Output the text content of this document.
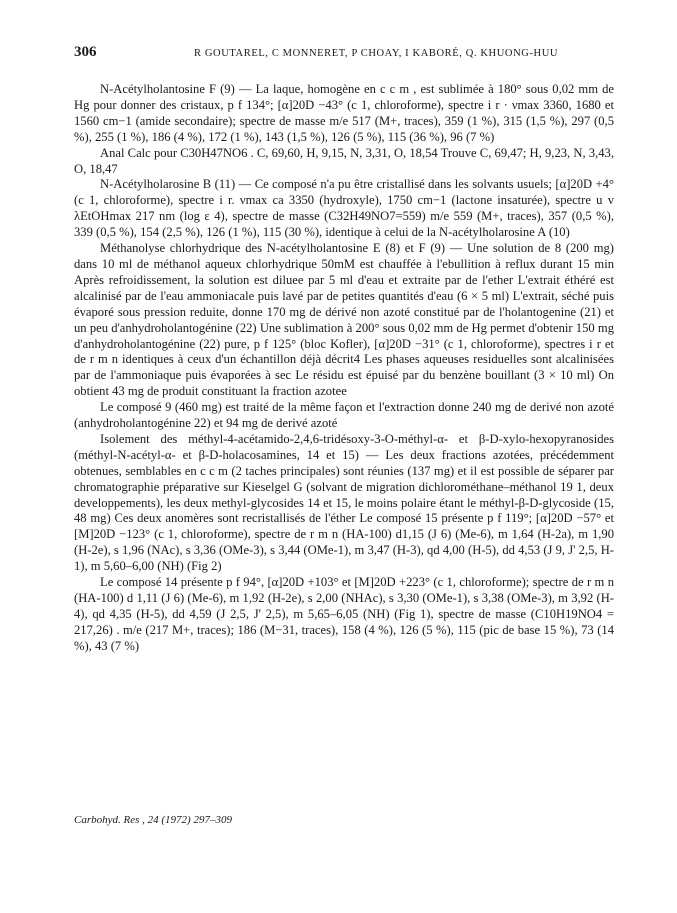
306	R GOUTAREL, C MONNERET, P CHOAY, I KABORÉ, Q. KHUONG-HUU

N-Acétylholantosine F (9) — La laque, homogène en c c m , est sublimée à 180° sous 0,02 mm de Hg pour donner des cristaux, p f 134°; [α]20D −43° (c 1, chloroforme), spectre i r · νmax 3360, 1680 et 1560 cm−1 (amide secondaire); spectre de masse m/e 517 (M+, traces), 359 (1 %), 315 (1,5 %), 297 (0,5 %), 255 (1 %), 186 (4 %), 172 (1 %), 143 (1,5 %), 126 (5 %), 115 (36 %), 96 (7 %)

Anal Calc pour C30H47NO6 . C, 69,60, H, 9,15, N, 3,31, O, 18,54 Trouve C, 69,47; H, 9,23, N, 3,43, O, 18,47

N-Acétylholarosine B (11) — Ce composé n'a pu être cristallisé dans les solvants usuels; [α]20D +4° (c 1, chloroforme), spectre i r. νmax ca 3350 (hydroxyle), 1750 cm−1 (lactone insaturée), spectre u v λEtOHmax 217 nm (log ε 4), spectre de masse (C32H49NO7=559) m/e 559 (M+, traces), 357 (0,5 %), 339 (0,5 %), 154 (2,5 %), 126 (1 %), 115 (30 %), identique à celui de la N-acétylholarosine A (10)

Méthanolyse chlorhydrique des N-acétylholantosine E (8) et F (9) — Une solution de 8 (200 mg) dans 10 ml de méthanol aqueux chlorhydrique 50mM est chauffée à l'ebullition à reflux durant 15 min Après refroidissement, la solution est diluee par 5 ml d'eau et extraite par de l'ether L'extrait éthéré est alcalinisé par de l'eau ammoniacale puis lavé par de petites quantités d'eau (6 × 5 ml) L'extrait, séché puis évaporé sous pression reduite, donne 170 mg de dérivé non azoté constitué par de l'holantogenine (21) et un peu d'anhydroholantogénine (22) Une sublimation à 200° sous 0,02 mm de Hg permet d'obtenir 150 mg d'anhydroholantogénine (22) pure, p f 125° (bloc Kofler), [α]20D −31° (c 1, chloroforme), spectres i r et de r m n identiques à ceux d'un échantillon déjà décrit4 Les phases aqueuses residuelles sont alcalinisées par de l'ammoniaque puis évaporées à sec Le résidu est épuisé par du benzène bouillant (3 × 10 ml) On obtient 43 mg de produit constituant la fraction azotee

Le composé 9 (460 mg) est traité de la même façon et l'extraction donne 240 mg de derivé non azoté (anhydroholantogénine 22) et 94 mg de derivé azoté

Isolement des méthyl-4-acétamido-2,4,6-tridésoxy-3-O-méthyl-α- et β-D-xylo-hexopyranosides (méthyl-N-acétyl-α- et β-D-holacosamines, 14 et 15) — Les deux fractions azotées, précédemment obtenues, semblables en c c m (2 taches principales) sont réunies (137 mg) et il est possible de séparer par chromatographie préparative sur Kieselgel G (solvant de migration dichlorométhane–méthanol 19 1, deux developpements), les deux methyl-glycosides 14 et 15, le moins polaire étant le méthyl-β-D-glycoside (15, 48 mg) Ces deux anomères sont recristallisés de l'éther Le composé 15 présente p f 119°; [α]20D −57° et [M]20D −123° (c 1, chloroforme), spectre de r m n (HA-100) d1,15 (J 6) (Me-6), m 1,64 (H-2a), m 1,90 (H-2e), s 1,96 (NAc), s 3,36 (OMe-3), s 3,44 (OMe-1), m 3,47 (H-3), qd 4,00 (H-5), dd 4,53 (J 9, J' 2,5, H-1), m 5,60–6,00 (NH) (Fig 2)

Le composé 14 présente p f 94°, [α]20D +103° et [M]20D +223° (c 1, chloroforme); spectre de r m n (HA-100) d 1,11 (J 6) (Me-6), m 1,92 (H-2e), s 2,00 (NHAc), s 3,30 (OMe-1), s 3,38 (OMe-3), m 3,92 (H-4), qd 4,35 (H-5), dd 4,59 (J 2,5, J' 2,5), m 5,65–6,05 (NH) (Fig 1), spectre de masse (C10H19NO4 = 217,26) . m/e (217 M+, traces); 186 (M−31, traces), 158 (4 %), 126 (5 %), 115 (pic de base 15 %), 73 (14 %), 43 (7 %)

Carbohyd. Res , 24 (1972) 297–309
